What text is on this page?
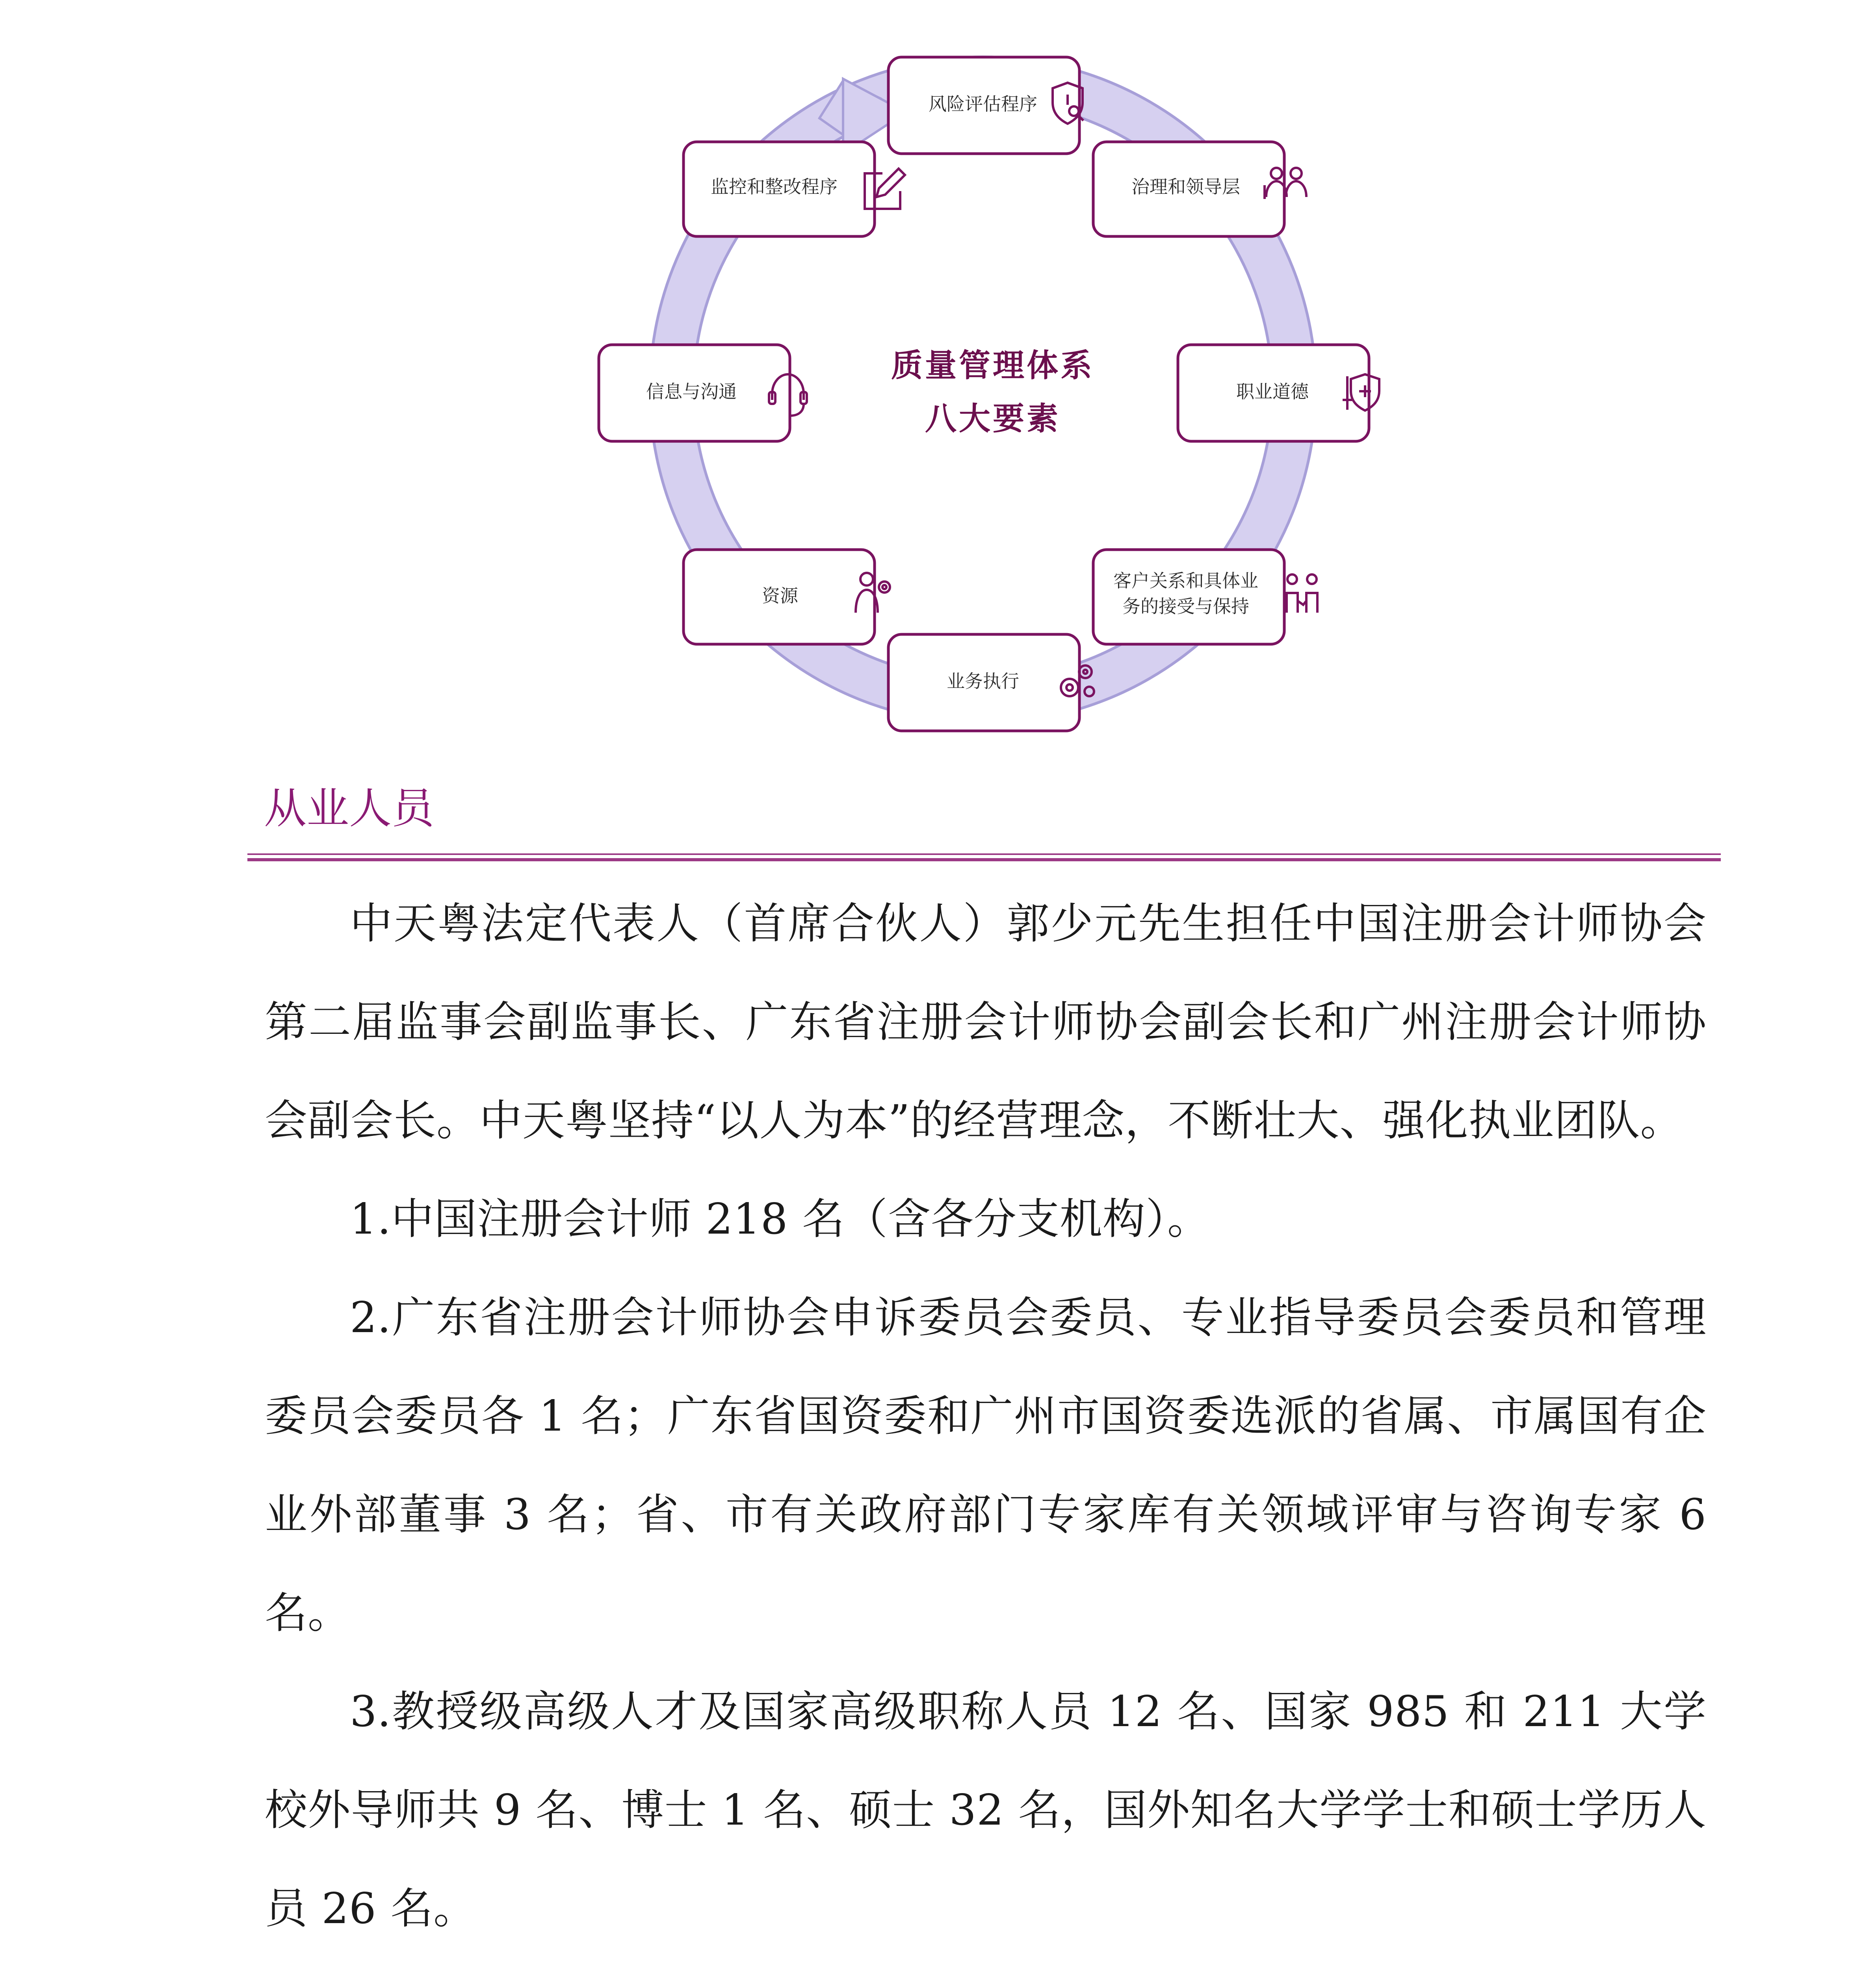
质量管理体系
八大要素
风险评估程序
治理和领导层
职业道德
客户关系和具体业
务的接受与保持
业务执行
资源
信息与沟通
监控和整改程序
从业人员

中天粤法定代表人（首席合伙人）郭少元先生担任中国注册会计师协会第二届监事会副监事长、广东省注册会计师协会副会长和广州注册会计师协会副会长。中天粤坚持“以人为本”的经营理念，不断壮大、强化执业团队。

1.中国注册会计师 218 名（含各分支机构）。

2.广东省注册会计师协会申诉委员会委员、专业指导委员会委员和管理委员会委员各 1 名；广东省国资委和广州市国资委选派的省属、市属国有企业外部董事 3 名；省、市有关政府部门专家库有关领域评审与咨询专家 6 名。

3.教授级高级人才及国家高级职称人员 12 名、国家 985 和 211 大学校外导师共 9 名、博士 1 名、硕士 32 名，国外知名大学学士和硕士学历人员 26 名。
